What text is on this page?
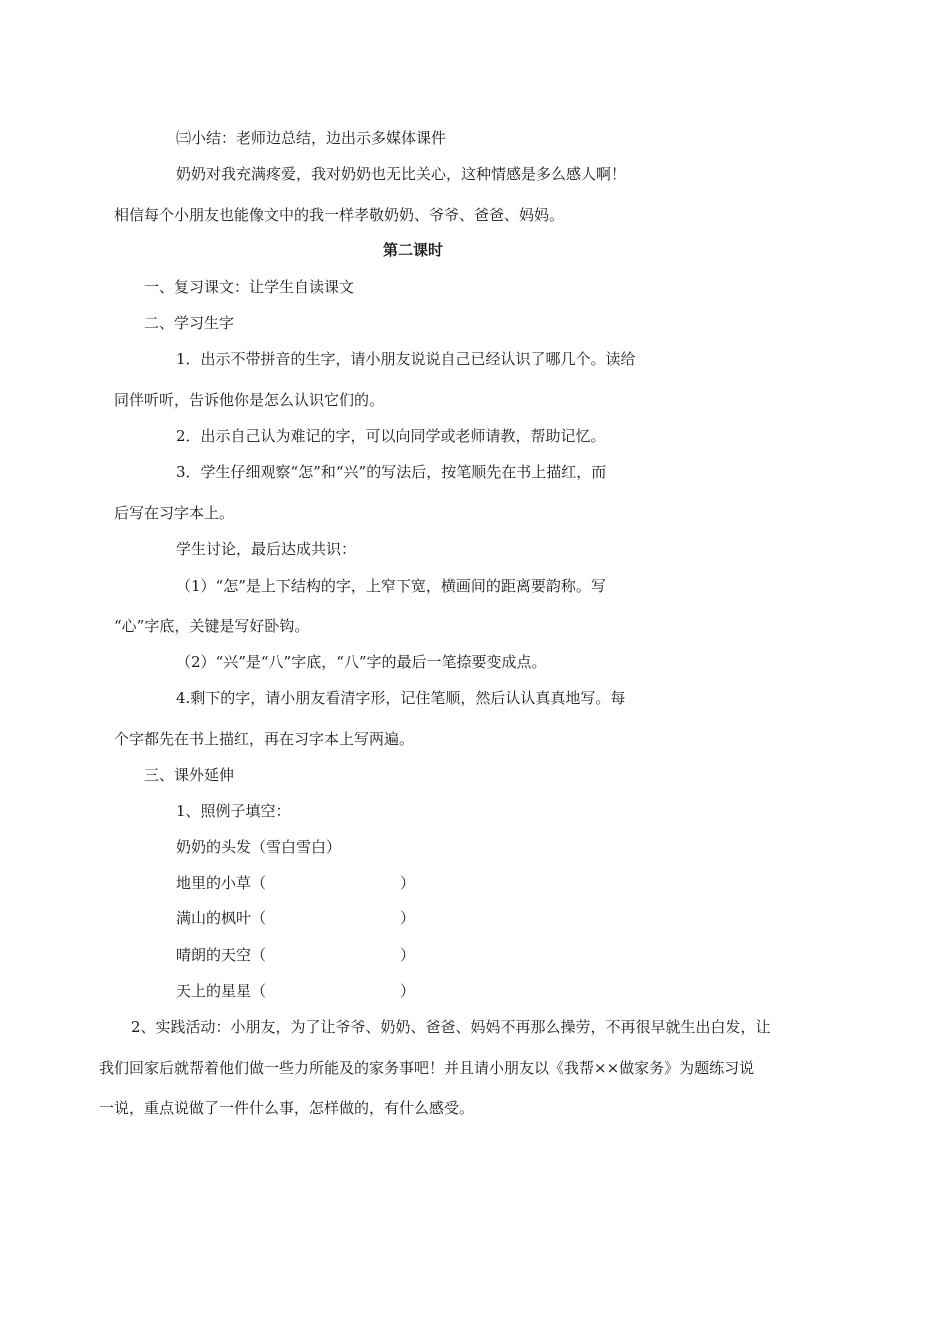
㈢小结：老师边总结，边出示多媒体课件
奶奶对我充满疼爱，我对奶奶也无比关心，这种情感是多么感人啊！
相信每个小朋友也能像文中的我一样孝敬奶奶、爷爷、爸爸、妈妈。
第二课时
一、复习课文：让学生自读课文
二、学习生字
1．出示不带拼音的生字，请小朋友说说自己已经认识了哪几个。读给
同伴听听，告诉他你是怎么认识它们的。
2．出示自己认为难记的字，可以向同学或老师请教，帮助记忆。
3．学生仔细观察“怎”和“兴”的写法后，按笔顺先在书上描红，而
后写在习字本上。
学生讨论，最后达成共识：
（1）“怎”是上下结构的字，上窄下宽，横画间的距离要韵称。写
“心”字底，关键是写好卧钩。
（2）“兴”是“八”字底，“八”字的最后一笔捺要变成点。
4.剩下的字，请小朋友看清字形，记住笔顺，然后认认真真地写。每
个字都先在书上描红，再在习字本上写两遍。
三、课外延伸
1、照例子填空：
奶奶的头发（雪白雪白）
地里的小草（	）
满山的枫叶（	）
晴朗的天空（	）
天上的星星（	）
2、实践活动：小朋友，为了让爷爷、奶奶、爸爸、妈妈不再那么操劳，不再很早就生出白发，让
我们回家后就帮着他们做一些力所能及的家务事吧！并且请小朋友以《我帮××做家务》为题练习说
一说，重点说做了一件什么事，怎样做的，有什么感受。
